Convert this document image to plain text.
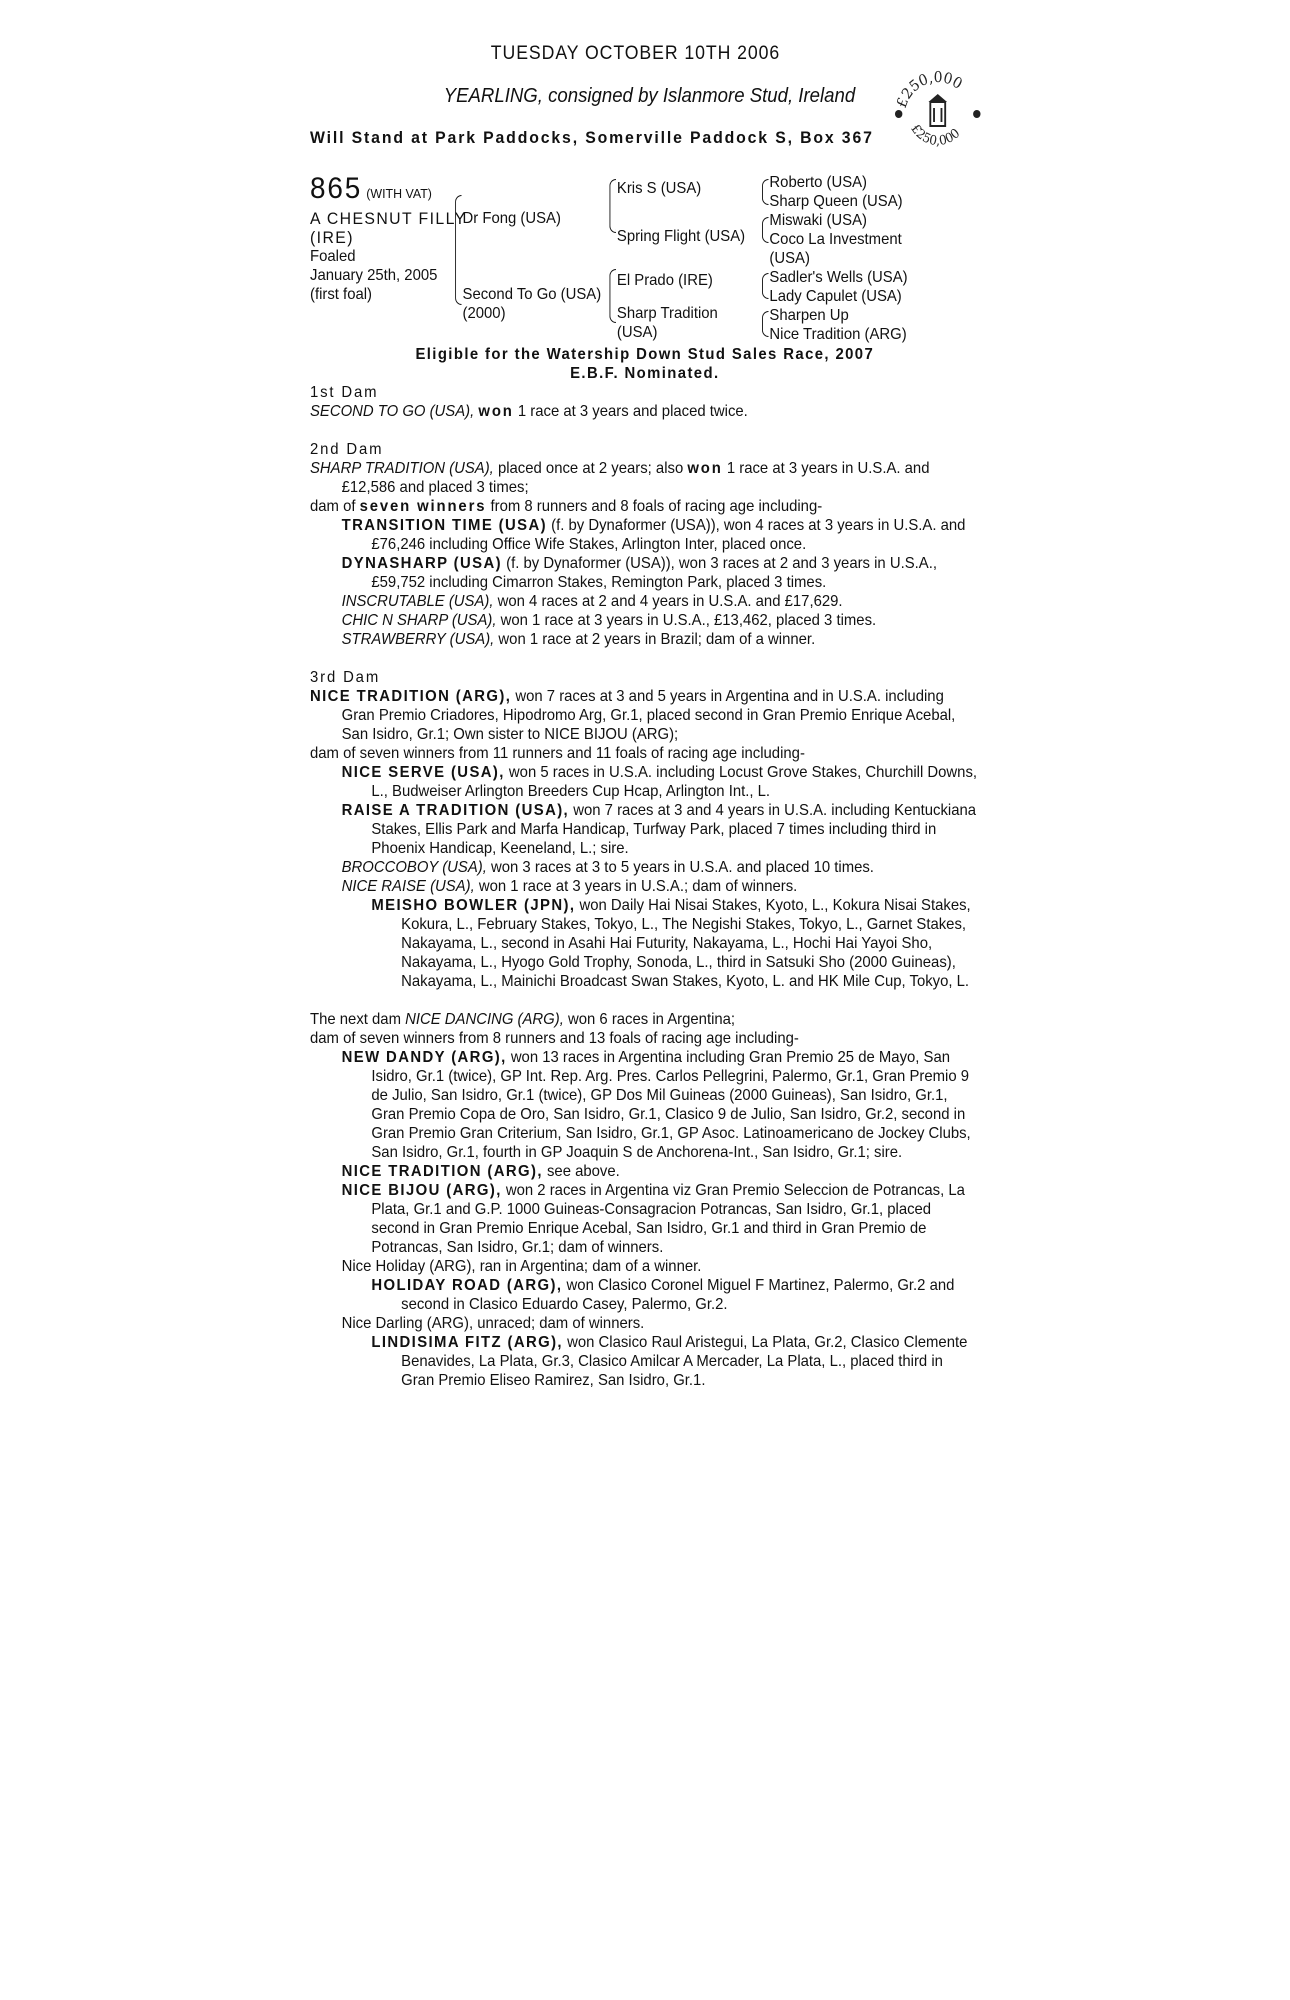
£250,000
£250,000
TUESDAY OCTOBER 10TH 2006
YEARLING, consigned by Islanmore Stud, Ireland
Will Stand at Park Paddocks, Somerville Paddock S, Box 367
865 (WITH VAT)
A CHESNUT FILLY
(IRE)
Foaled
January 25th, 2005
(first foal)
Dr Fong (USA)
Second To Go (USA)
(2000)
Kris S (USA)
Spring Flight (USA)
El Prado (IRE)
Sharp Tradition
(USA)
Roberto (USA)
Sharp Queen (USA)
Miswaki (USA)
Coco La Investment
(USA)
Sadler's Wells (USA)
Lady Capulet (USA)
Sharpen Up
Nice Tradition (ARG)
Eligible for the Watership Down Stud Sales Race, 2007
E.B.F. Nominated.
1st Dam

SECOND TO GO (USA), won 1 race at 3 years and placed twice.

2nd Dam

SHARP TRADITION (USA), placed once at 2 years; also won 1 race at 3 years in U.S.A. and £12,586 and placed 3 times;

dam of seven winners from 8 runners and 8 foals of racing age including-

TRANSITION TIME (USA) (f. by Dynaformer (USA)), won 4 races at 3 years in U.S.A. and £76,246 including Office Wife Stakes, Arlington Inter, placed once.

DYNASHARP (USA) (f. by Dynaformer (USA)), won 3 races at 2 and 3 years in U.S.A., £59,752 including Cimarron Stakes, Remington Park, placed 3 times.

INSCRUTABLE (USA), won 4 races at 2 and 4 years in U.S.A. and £17,629.

CHIC N SHARP (USA), won 1 race at 3 years in U.S.A., £13,462, placed 3 times.

STRAWBERRY (USA), won 1 race at 2 years in Brazil; dam of a winner.

3rd Dam

NICE TRADITION (ARG), won 7 races at 3 and 5 years in Argentina and in U.S.A. including Gran Premio Criadores, Hipodromo Arg, Gr.1, placed second in Gran Premio Enrique Acebal, San Isidro, Gr.1; Own sister to NICE BIJOU (ARG);

dam of seven winners from 11 runners and 11 foals of racing age including-

NICE SERVE (USA), won 5 races in U.S.A. including Locust Grove Stakes, Churchill Downs, L., Budweiser Arlington Breeders Cup Hcap, Arlington Int., L.

RAISE A TRADITION (USA), won 7 races at 3 and 4 years in U.S.A. including Kentuckiana Stakes, Ellis Park and Marfa Handicap, Turfway Park, placed 7 times including third in Phoenix Handicap, Keeneland, L.; sire.

BROCCOBOY (USA), won 3 races at 3 to 5 years in U.S.A. and placed 10 times.

NICE RAISE (USA), won 1 race at 3 years in U.S.A.; dam of winners.

MEISHO BOWLER (JPN), won Daily Hai Nisai Stakes, Kyoto, L., Kokura Nisai Stakes, Kokura, L., February Stakes, Tokyo, L., The Negishi Stakes, Tokyo, L., Garnet Stakes, Nakayama, L., second in Asahi Hai Futurity, Nakayama, L., Hochi Hai Yayoi Sho, Nakayama, L., Hyogo Gold Trophy, Sonoda, L., third in Satsuki Sho (2000 Guineas), Nakayama, L., Mainichi Broadcast Swan Stakes, Kyoto, L. and HK Mile Cup, Tokyo, L.

The next dam NICE DANCING (ARG), won 6 races in Argentina;

dam of seven winners from 8 runners and 13 foals of racing age including-

NEW DANDY (ARG), won 13 races in Argentina including Gran Premio 25 de Mayo, San Isidro, Gr.1 (twice), GP Int. Rep. Arg. Pres. Carlos Pellegrini, Palermo, Gr.1, Gran Premio 9 de Julio, San Isidro, Gr.1 (twice), GP Dos Mil Guineas (2000 Guineas), San Isidro, Gr.1, Gran Premio Copa de Oro, San Isidro, Gr.1, Clasico 9 de Julio, San Isidro, Gr.2, second in Gran Premio Gran Criterium, San Isidro, Gr.1, GP Asoc. Latinoamericano de Jockey Clubs, San Isidro, Gr.1, fourth in GP Joaquin S de Anchorena-Int., San Isidro, Gr.1; sire.

NICE TRADITION (ARG), see above.

NICE BIJOU (ARG), won 2 races in Argentina viz Gran Premio Seleccion de Potrancas, La Plata, Gr.1 and G.P. 1000 Guineas-Consagracion Potrancas, San Isidro, Gr.1, placed second in Gran Premio Enrique Acebal, San Isidro, Gr.1 and third in Gran Premio de Potrancas, San Isidro, Gr.1; dam of winners.

Nice Holiday (ARG), ran in Argentina; dam of a winner.

HOLIDAY ROAD (ARG), won Clasico Coronel Miguel F Martinez, Palermo, Gr.2 and second in Clasico Eduardo Casey, Palermo, Gr.2.

Nice Darling (ARG), unraced; dam of winners.

LINDISIMA FITZ (ARG), won Clasico Raul Aristegui, La Plata, Gr.2, Clasico Clemente Benavides, La Plata, Gr.3, Clasico Amilcar A Mercader, La Plata, L., placed third in Gran Premio Eliseo Ramirez, San Isidro, Gr.1.
